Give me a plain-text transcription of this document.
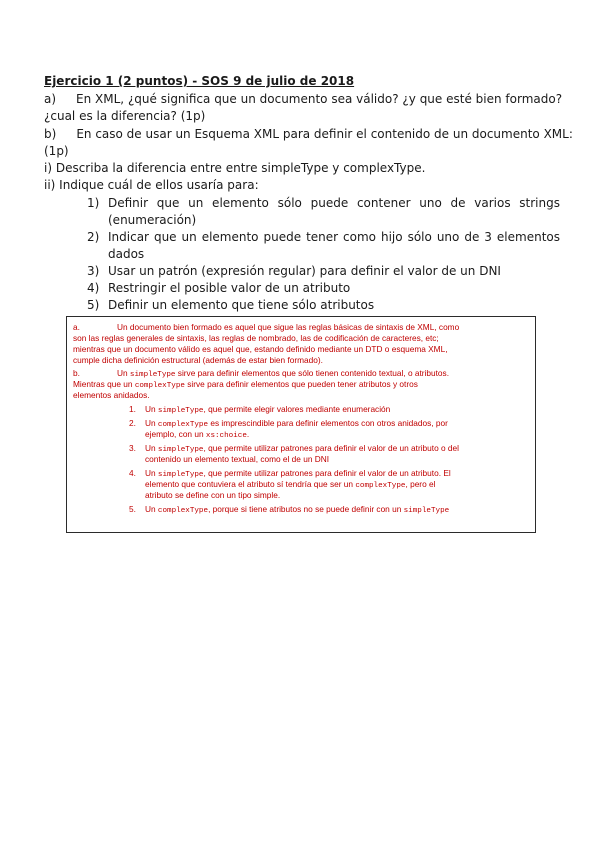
Ejercicio 1 (2 puntos) - SOS 9 de julio de 2018
a) En XML, ¿qué significa que un documento sea válido? ¿y que esté bien formado?
¿cual es la diferencia? (1p)
b) En caso de usar un Esquema XML para definir el contenido de un documento XML:
(1p)
i) Describa la diferencia entre entre simpleType y complexType.
ii) Indique cuál de ellos usaría para:
1) Definir que un elemento sólo puede contener uno de varios strings
(enumeración)
2) Indicar que un elemento puede tener como hijo sólo uno de 3 elementos
dados
3) Usar un patrón (expresión regular) para definir el valor de un DNI
4) Restringir el posible valor de un atributo
5) Definir un elemento que tiene sólo atributos
a.	Un documento bien formado es aquel que sigue las reglas básicas de sintaxis de XML, como
son las reglas generales de sintaxis, las reglas de nombrado, las de codificación de caracteres, etc;
mientras que un documento válido es aquel que, estando definido mediante un DTD o esquema XML,
cumple dicha definición estructural (además de estar bien formado).
b.	Un simpleType sirve para definir elementos que sólo tienen contenido textual, o atributos.
Mientras que un complexType sirve para definir elementos que pueden tener atributos y otros
elementos anidados.
1. Un simpleType, que permite elegir valores mediante enumeración
2. Un complexType es imprescindible para definir elementos con otros anidados, por
ejemplo, con un xs:choice.
3. Un simpleType, que permite utilizar patrones para definir el valor de un atributo o del
contenido un elemento textual, como el de un DNI
4. Un simpleType, que permite utilizar patrones para definir el valor de un atributo. El
elemento que contuviera el atributo sí tendría que ser un complexType, pero el
atributo se define con un tipo simple.
5. Un complexType, porque si tiene atributos no se puede definir con un simpleType
